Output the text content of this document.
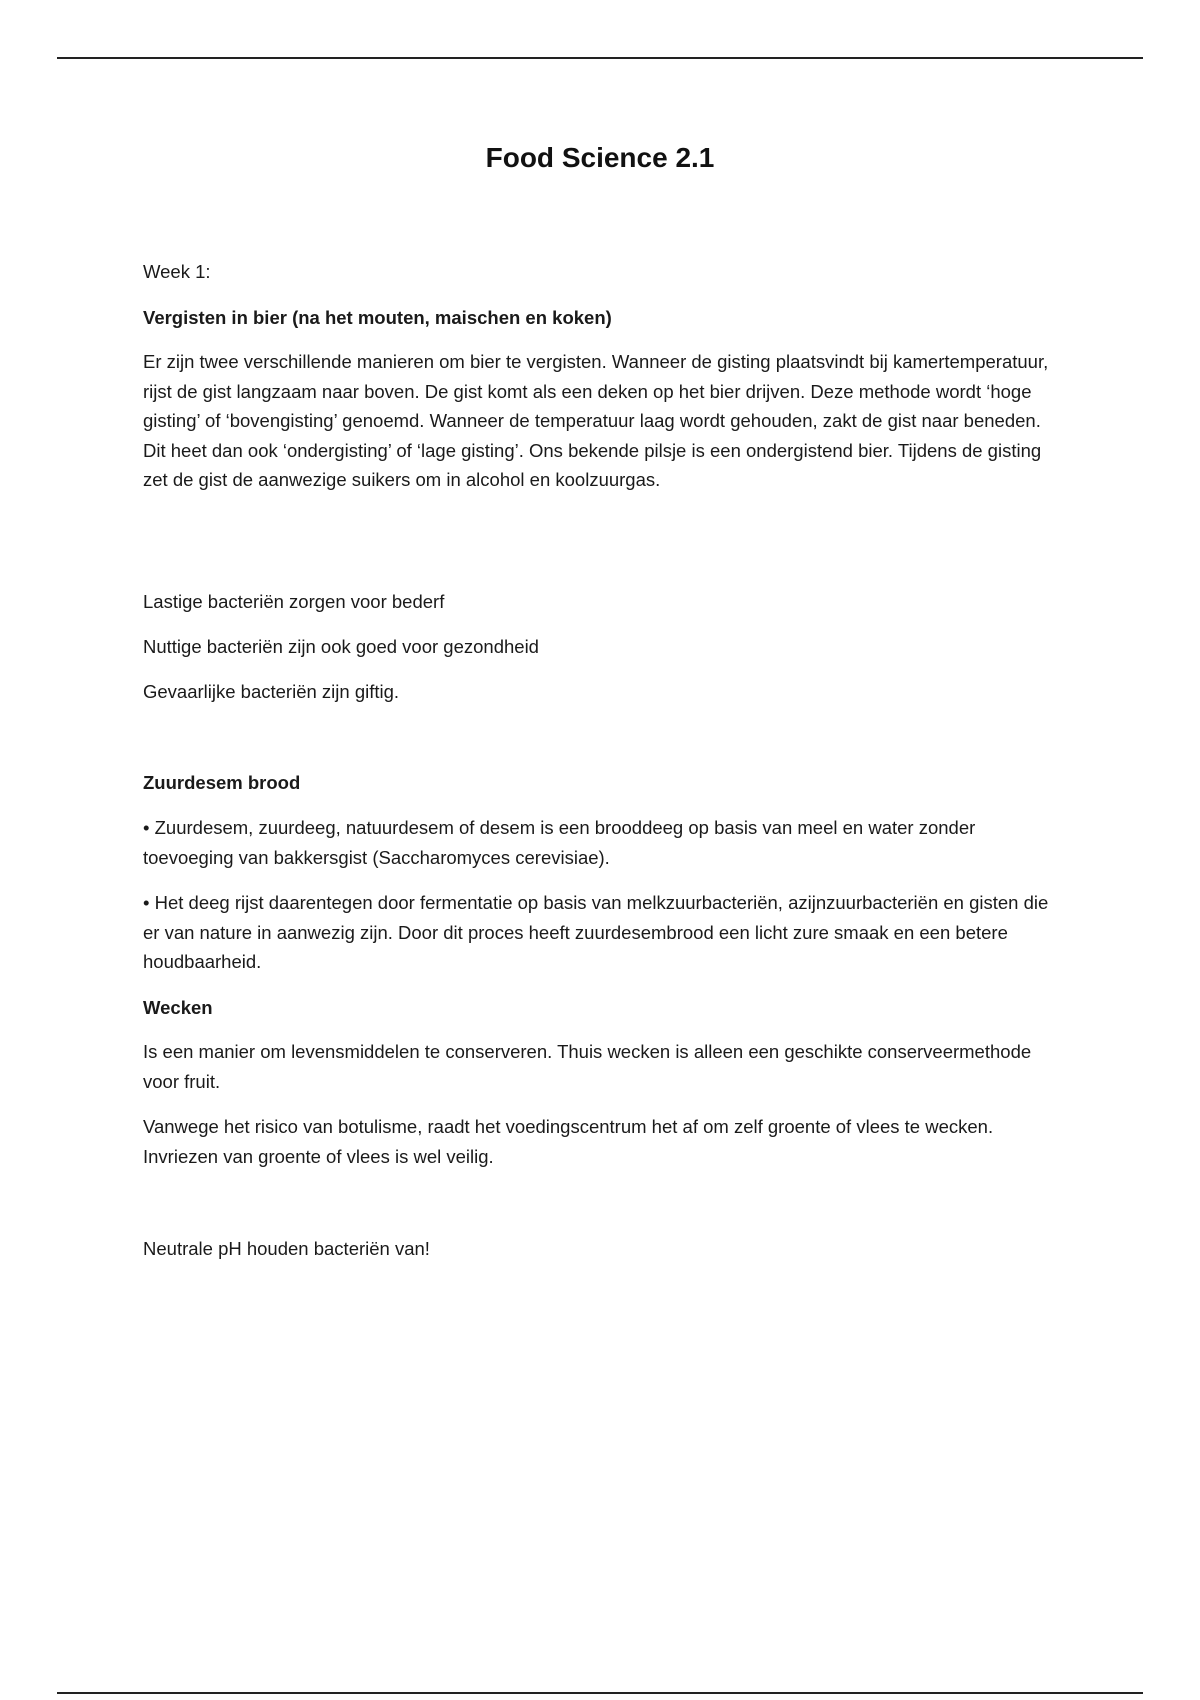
Food Science 2.1

Week 1:

Vergisten in bier (na het mouten, maischen en koken)

Er zijn twee verschillende manieren om bier te vergisten. Wanneer de gisting plaatsvindt bij kamertemperatuur, rijst de gist langzaam naar boven. De gist komt als een deken op het bier drijven. Deze methode wordt ‘hoge gisting’ of ‘bovengisting’ genoemd. Wanneer de temperatuur laag wordt gehouden, zakt de gist naar beneden. Dit heet dan ook ‘ondergisting’ of ‘lage gisting’. Ons bekende pilsje is een ondergistend bier. Tijdens de gisting zet de gist de aanwezige suikers om in alcohol en koolzuurgas.

Lastige bacteriën zorgen voor bederf

Nuttige bacteriën zijn ook goed voor gezondheid

Gevaarlijke bacteriën zijn giftig.

Zuurdesem brood

• Zuurdesem, zuurdeeg, natuurdesem of desem is een brooddeeg op basis van meel en water zonder toevoeging van bakkersgist (Saccharomyces cerevisiae).

• Het deeg rijst daarentegen door fermentatie op basis van melkzuurbacteriën, azijnzuurbacteriën en gisten die er van nature in aanwezig zijn. Door dit proces heeft zuurdesembrood een licht zure smaak en een betere houdbaarheid.

Wecken

Is een manier om levensmiddelen te conserveren. Thuis wecken is alleen een geschikte conserveermethode voor fruit.

Vanwege het risico van botulisme, raadt het voedingscentrum het af om zelf groente of vlees te wecken. Invriezen van groente of vlees is wel veilig.

Neutrale pH houden bacteriën van!
